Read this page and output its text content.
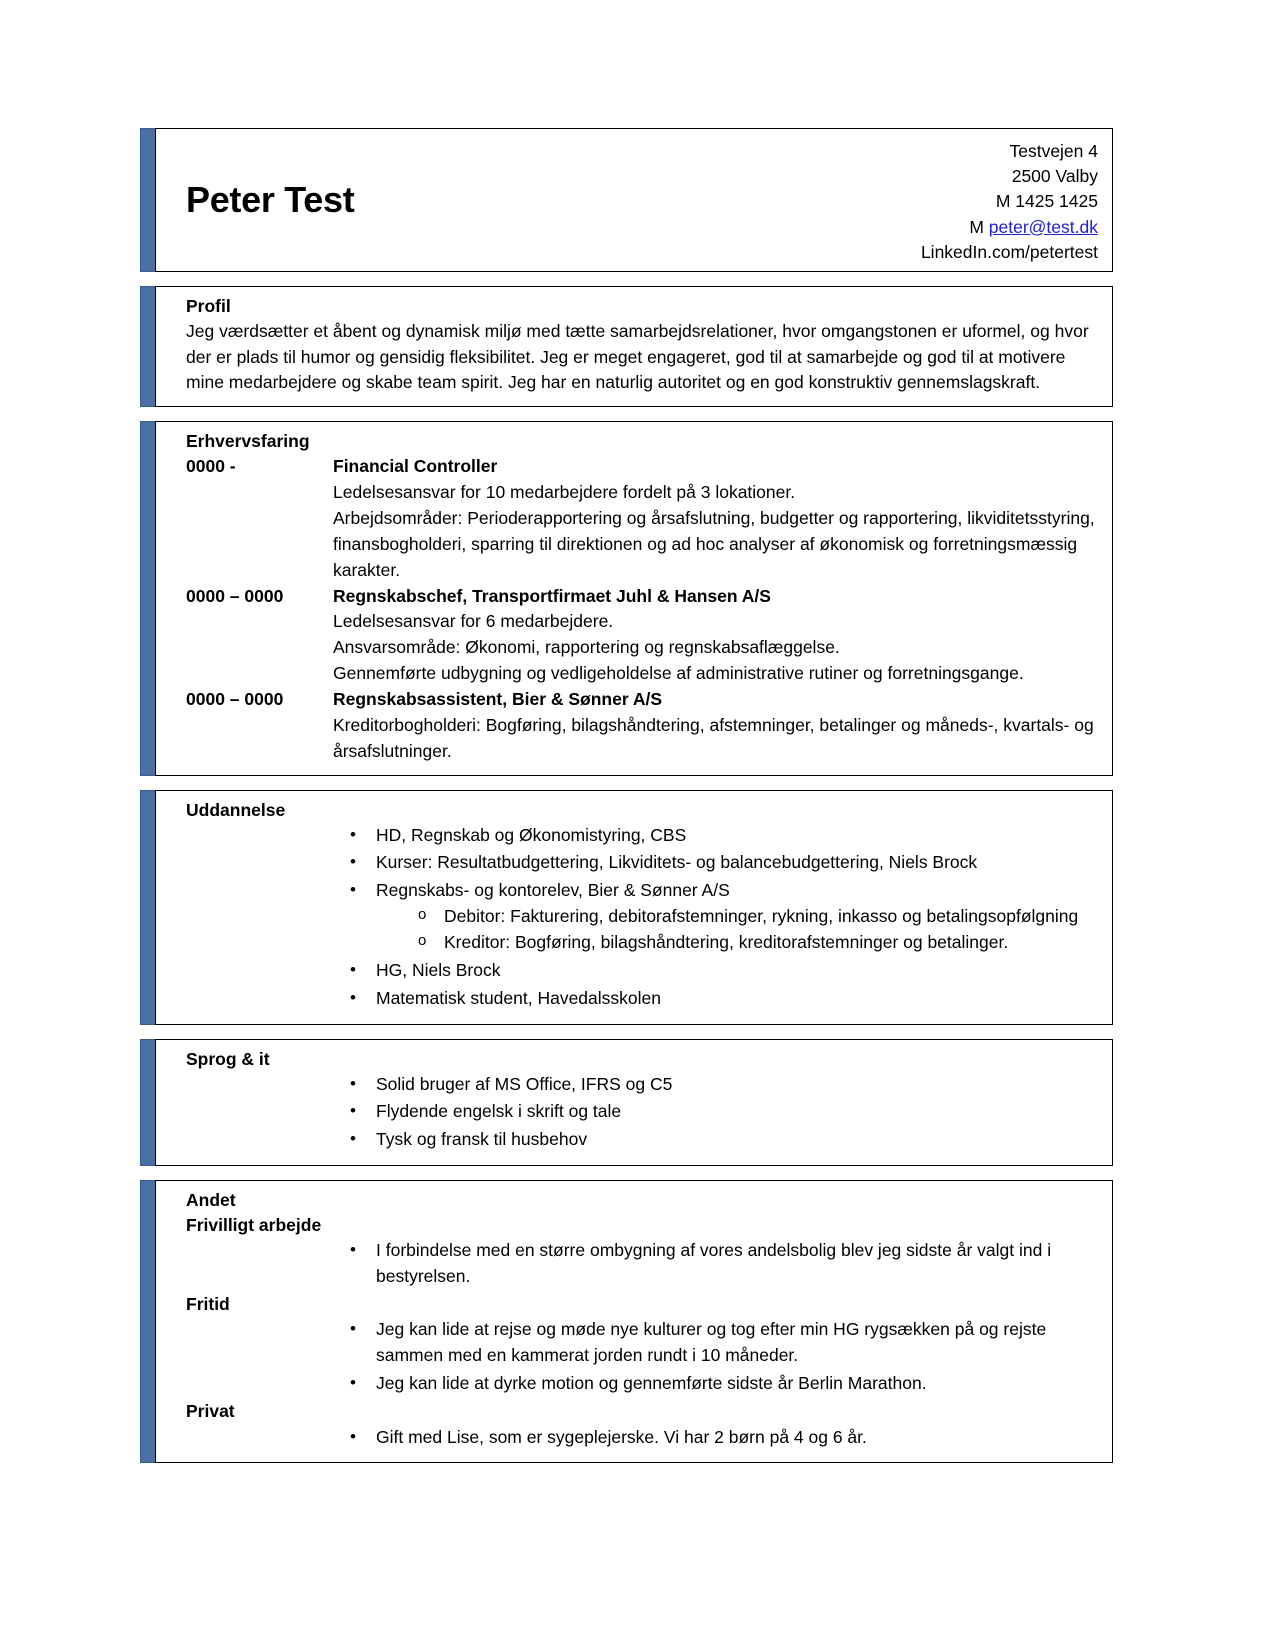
Peter Test
Testvejen 4
2500 Valby
M 1425 1425
M peter@test.dk
LinkedIn.com/petertest
Profil

Jeg værdsætter et åbent og dynamisk miljø med tætte samarbejdsrelationer, hvor omgangstonen er uformel, og hvor der er plads til humor og gensidig fleksibilitet. Jeg er meget engageret, god til at samarbejde og god til at motivere mine medarbejdere og skabe team spirit. Jeg har en naturlig autoritet og en god konstruktiv gennemslagskraft.

Erhvervsfaring
0000 -	Financial Controller
Ledelsesansvar for 10 medarbejdere fordelt på 3 lokationer.
Arbejdsområder: Perioderapportering og årsafslutning, budgetter og rapportering, likviditetsstyring, finansbogholderi, sparring til direktionen og ad hoc analyser af økonomisk og forretningsmæssig karakter.
0000 – 0000	Regnskabschef, Transportfirmaet Juhl & Hansen A/S
Ledelsesansvar for 6 medarbejdere.
Ansvarsområde: Økonomi, rapportering og regnskabsaflæggelse.
Gennemførte udbygning og vedligeholdelse af administrative rutiner og forretningsgange.
0000 – 0000	Regnskabsassistent, Bier & Sønner A/S
Kreditorbogholderi: Bogføring, bilagshåndtering, afstemninger, betalinger og måneds-, kvartals- og årsafslutninger.
Uddannelse
• HD, Regnskab og Økonomistyring, CBS
• Kurser: Resultatbudgettering, Likviditets- og balancebudgettering, Niels Brock
• Regnskabs- og kontorelev, Bier & Sønner A/S
o Debitor: Fakturering, debitorafstemninger, rykning, inkasso og betalingsopfølgning
o Kreditor: Bogføring, bilagshåndtering, kreditorafstemninger og betalinger.
• HG, Niels Brock
• Matematisk student, Havedalsskolen
Sprog & it
• Solid bruger af MS Office, IFRS og C5
• Flydende engelsk i skrift og tale
• Tysk og fransk til husbehov
Andet
Frivilligt arbejde
• I forbindelse med en større ombygning af vores andelsbolig blev jeg sidste år valgt ind i bestyrelsen.
Fritid
• Jeg kan lide at rejse og møde nye kulturer og tog efter min HG rygsækken på og rejste sammen med en kammerat jorden rundt i 10 måneder.
• Jeg kan lide at dyrke motion og gennemførte sidste år Berlin Marathon.
Privat
• Gift med Lise, som er sygeplejerske. Vi har 2 børn på 4 og 6 år.
